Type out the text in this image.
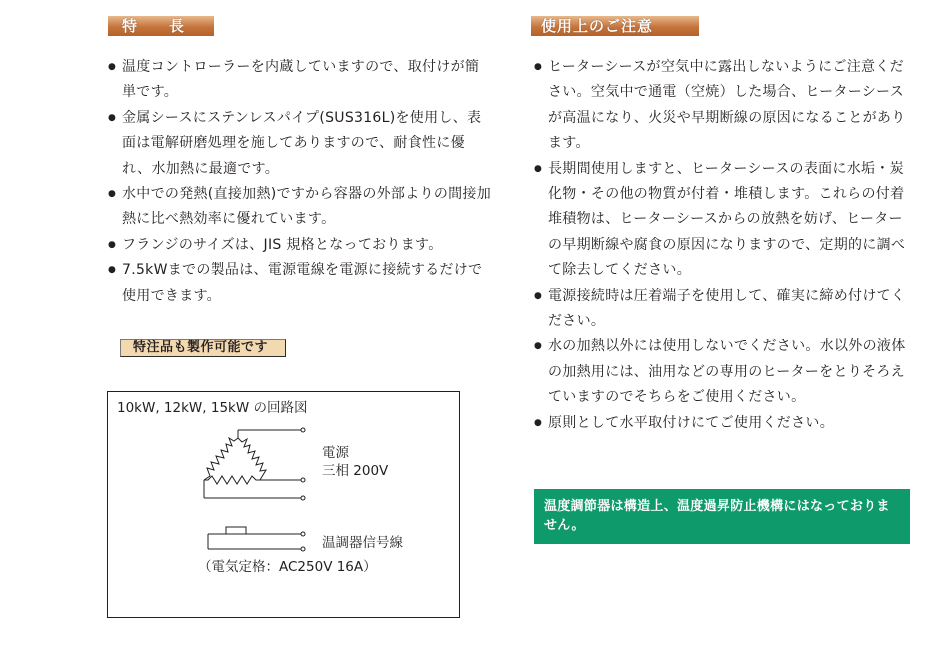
特 長
● 温度コントローラーを内蔵していますので、取付けが簡単です。
● 金属シースにステンレスパイプ(SUS316L)を使用し、表面は電解研磨処理を施してありますので、耐食性に優れ、水加熱に最適です。
● 水中での発熱(直接加熱)ですから容器の外部よりの間接加熱に比べ熱効率に優れています。
● フランジのサイズは、JIS 規格となっております。
● 7.5kWまでの製品は、電源電線を電源に接続するだけで使用できます。
特注品も製作可能です
10kW, 12kW, 15kW の回路図
電源
三相 200V
温調器信号線
（電気定格：AC250V 16A）
使用上のご注意
● ヒーターシースが空気中に露出しないようにご注意ください。空気中で通電（空焼）した場合、ヒーターシースが高温になり、火災や早期断線の原因になることがあります。
● 長期間使用しますと、ヒーターシースの表面に水垢・炭化物・その他の物質が付着・堆積します。これらの付着堆積物は、ヒーターシースからの放熱を妨げ、ヒーターの早期断線や腐食の原因になりますので、定期的に調べて除去してください。
● 電源接続時は圧着端子を使用して、確実に締め付けてください。
● 水の加熱以外には使用しないでください。水以外の液体の加熱用には、油用などの専用のヒーターをとりそろえていますのでそちらをご使用ください。
● 原則として水平取付けにてご使用ください。
温度調節器は構造上、温度過昇防止機構にはなっておりません。
